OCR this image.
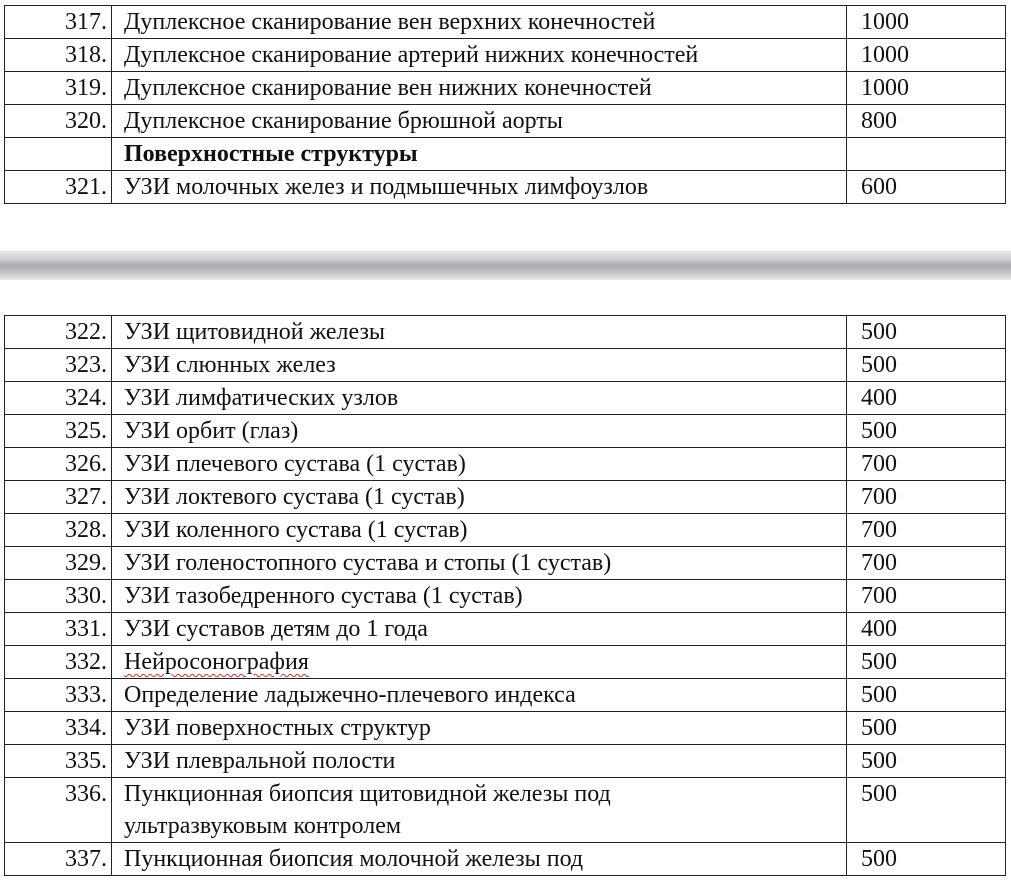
317.	Дуплексное сканирование вен верхних конечностей	1000
318.	Дуплексное сканирование артерий нижних конечностей	1000
319.	Дуплексное сканирование вен нижних конечностей	1000
320.	Дуплексное сканирование брюшной аорты	800
	Поверхностные структуры	
321.	УЗИ молочных желез и подмышечных лимфоузлов	600
322.	УЗИ щитовидной железы	500
323.	УЗИ слюнных желез	500
324.	УЗИ лимфатических узлов	400
325.	УЗИ орбит (глаз)	500
326.	УЗИ плечевого сустава (1 сустав)	700
327.	УЗИ локтевого сустава (1 сустав)	700
328.	УЗИ коленного сустава (1 сустав)	700
329.	УЗИ голеностопного сустава и стопы (1 сустав)	700
330.	УЗИ тазобедренного сустава (1 сустав)	700
331.	УЗИ суставов детям до 1 года	400
332.	Нейросонография	500
333.	Определение ладыжечно-плечевого индекса	500
334.	УЗИ поверхностных структур	500
335.	УЗИ плевральной полости	500
336.	Пункционная биопсия щитовидной железы под
ультразвуковым контролем	500
337.	Пункционная биопсия молочной железы под	500
